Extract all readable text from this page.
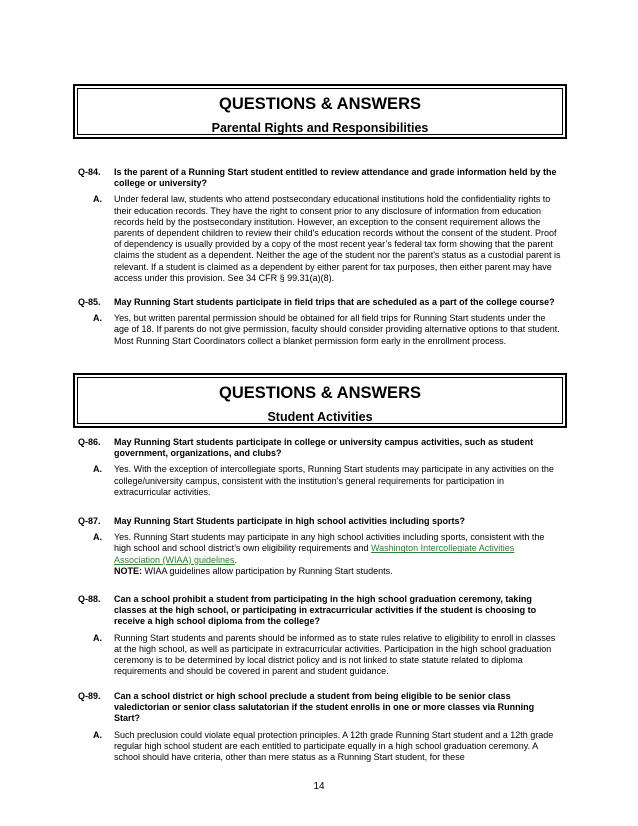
QUESTIONS & ANSWERS
Parental Rights and Responsibilities
Q-84. Is the parent of a Running Start student entitled to review attendance and grade information held by the college or university?
A. Under federal law, students who attend postsecondary educational institutions hold the confidentiality rights to their education records. They have the right to consent prior to any disclosure of information from education records held by the postsecondary institution. However, an exception to the consent requirement allows the parents of dependent children to review their child's education records without the consent of the student. Proof of dependency is usually provided by a copy of the most recent year’s federal tax form showing that the parent claims the student as a dependent. Neither the age of the student nor the parent's status as a custodial parent is relevant. If a student is claimed as a dependent by either parent for tax purposes, then either parent may have access under this provision. See 34 CFR § 99.31(a)(8).

Q-85. May Running Start students participate in field trips that are scheduled as a part of the college course?
A. Yes, but written parental permission should be obtained for all field trips for Running Start students under the age of 18. If parents do not give permission, faculty should consider providing alternative options to that student. Most Running Start Coordinators collect a blanket permission form early in the enrollment process.

QUESTIONS & ANSWERS
Student Activities
Q-86. May Running Start students participate in college or university campus activities, such as student government, organizations, and clubs?
A. Yes. With the exception of intercollegiate sports, Running Start students may participate in any activities on the college/university campus, consistent with the institution’s general requirements for participation in extracurricular activities.

Q-87. May Running Start Students participate in high school activities including sports?
A. Yes. Running Start students may participate in any high school activities including sports, consistent with the high school and school district’s own eligibility requirements and Washington Intercollegiate Activities Association (WIAA) guidelines.
NOTE: WIAA guidelines allow participation by Running Start students.

Q-88. Can a school prohibit a student from participating in the high school graduation ceremony, taking classes at the high school, or participating in extracurricular activities if the student is choosing to receive a high school diploma from the college?
A. Running Start students and parents should be informed as to state rules relative to eligibility to enroll in classes at the high school, as well as participate in extracurricular activities. Participation in the high school graduation ceremony is to be determined by local district policy and is not linked to state statute related to diploma requirements and should be covered in parent and student guidance.

Q-89. Can a school district or high school preclude a student from being eligible to be senior class valedictorian or senior class salutatorian if the student enrolls in one or more classes via Running Start?
A. Such preclusion could violate equal protection principles. A 12th grade Running Start student and a 12th grade regular high school student are each entitled to participate equally in a high school graduation ceremony. A school should have criteria, other than mere status as a Running Start student, for these

14
